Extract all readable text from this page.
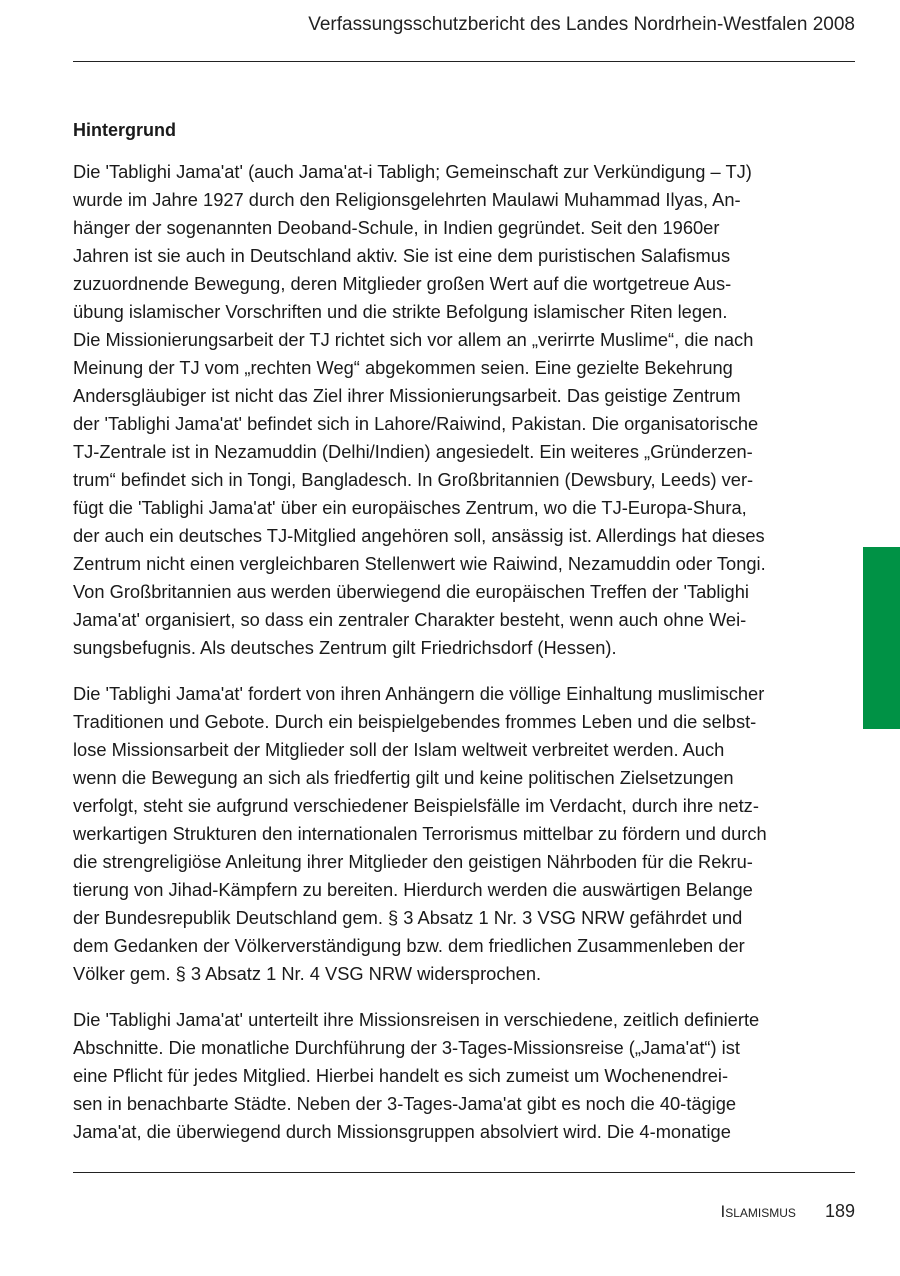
Verfassungsschutzbericht des Landes Nordrhein-Westfalen 2008
Hintergrund

Die 'Tablighi Jama'at' (auch Jama'at-i Tabligh; Gemeinschaft zur Verkündigung – TJ)
wurde im Jahre 1927 durch den Religionsgelehrten Maulawi Muhammad Ilyas, An-
hänger der sogenannten Deoband-Schule, in Indien gegründet. Seit den 1960er
Jahren ist sie auch in Deutschland aktiv. Sie ist eine dem puristischen Salafismus
zuzuordnende Bewegung, deren Mitglieder großen Wert auf die wortgetreue Aus-
übung islamischer Vorschriften und die strikte Befolgung islamischer Riten legen.
Die Missionierungsarbeit der TJ richtet sich vor allem an „verirrte Muslime“, die nach
Meinung der TJ vom „rechten Weg“ abgekommen seien. Eine gezielte Bekehrung
Andersgläubiger ist nicht das Ziel ihrer Missionierungsarbeit. Das geistige Zentrum
der 'Tablighi Jama'at' befindet sich in Lahore/Raiwind, Pakistan. Die organisatorische
TJ-Zentrale ist in Nezamuddin (Delhi/Indien) angesiedelt. Ein weiteres „Gründerzen-
trum“ befindet sich in Tongi, Bangladesch. In Großbritannien (Dewsbury, Leeds) ver-
fügt die 'Tablighi Jama'at' über ein europäisches Zentrum, wo die TJ-Europa-Shura,
der auch ein deutsches TJ-Mitglied angehören soll, ansässig ist. Allerdings hat dieses
Zentrum nicht einen vergleichbaren Stellenwert wie Raiwind, Nezamuddin oder Tongi.
Von Großbritannien aus werden überwiegend die europäischen Treffen der 'Tablighi
Jama'at' organisiert, so dass ein zentraler Charakter besteht, wenn auch ohne Wei-
sungsbefugnis. Als deutsches Zentrum gilt Friedrichsdorf (Hessen).

Die 'Tablighi Jama'at' fordert von ihren Anhängern die völlige Einhaltung muslimischer
Traditionen und Gebote. Durch ein beispielgebendes frommes Leben und die selbst-
lose Missionsarbeit der Mitglieder soll der Islam weltweit verbreitet werden. Auch
wenn die Bewegung an sich als friedfertig gilt und keine politischen Zielsetzungen
verfolgt, steht sie aufgrund verschiedener Beispielsfälle im Verdacht, durch ihre netz-
werkartigen Strukturen den internationalen Terrorismus mittelbar zu fördern und durch
die strengreligiöse Anleitung ihrer Mitglieder den geistigen Nährboden für die Rekru-
tierung von Jihad-Kämpfern zu bereiten. Hierdurch werden die auswärtigen Belange
der Bundesrepublik Deutschland gem. § 3 Absatz 1 Nr. 3 VSG NRW gefährdet und
dem Gedanken der Völkerverständigung bzw. dem friedlichen Zusammenleben der
Völker gem. § 3 Absatz 1 Nr. 4 VSG NRW widersprochen.

Die 'Tablighi Jama'at' unterteilt ihre Missionsreisen in verschiedene, zeitlich definierte
Abschnitte. Die monatliche Durchführung der 3-Tages-Missionsreise („Jama'at“) ist
eine Pflicht für jedes Mitglied. Hierbei handelt es sich zumeist um Wochenendrei-
sen in benachbarte Städte. Neben der 3-Tages-Jama'at gibt es noch die 40-tägige
Jama'at, die überwiegend durch Missionsgruppen absolviert wird. Die 4-monatige

Islamismus 189
